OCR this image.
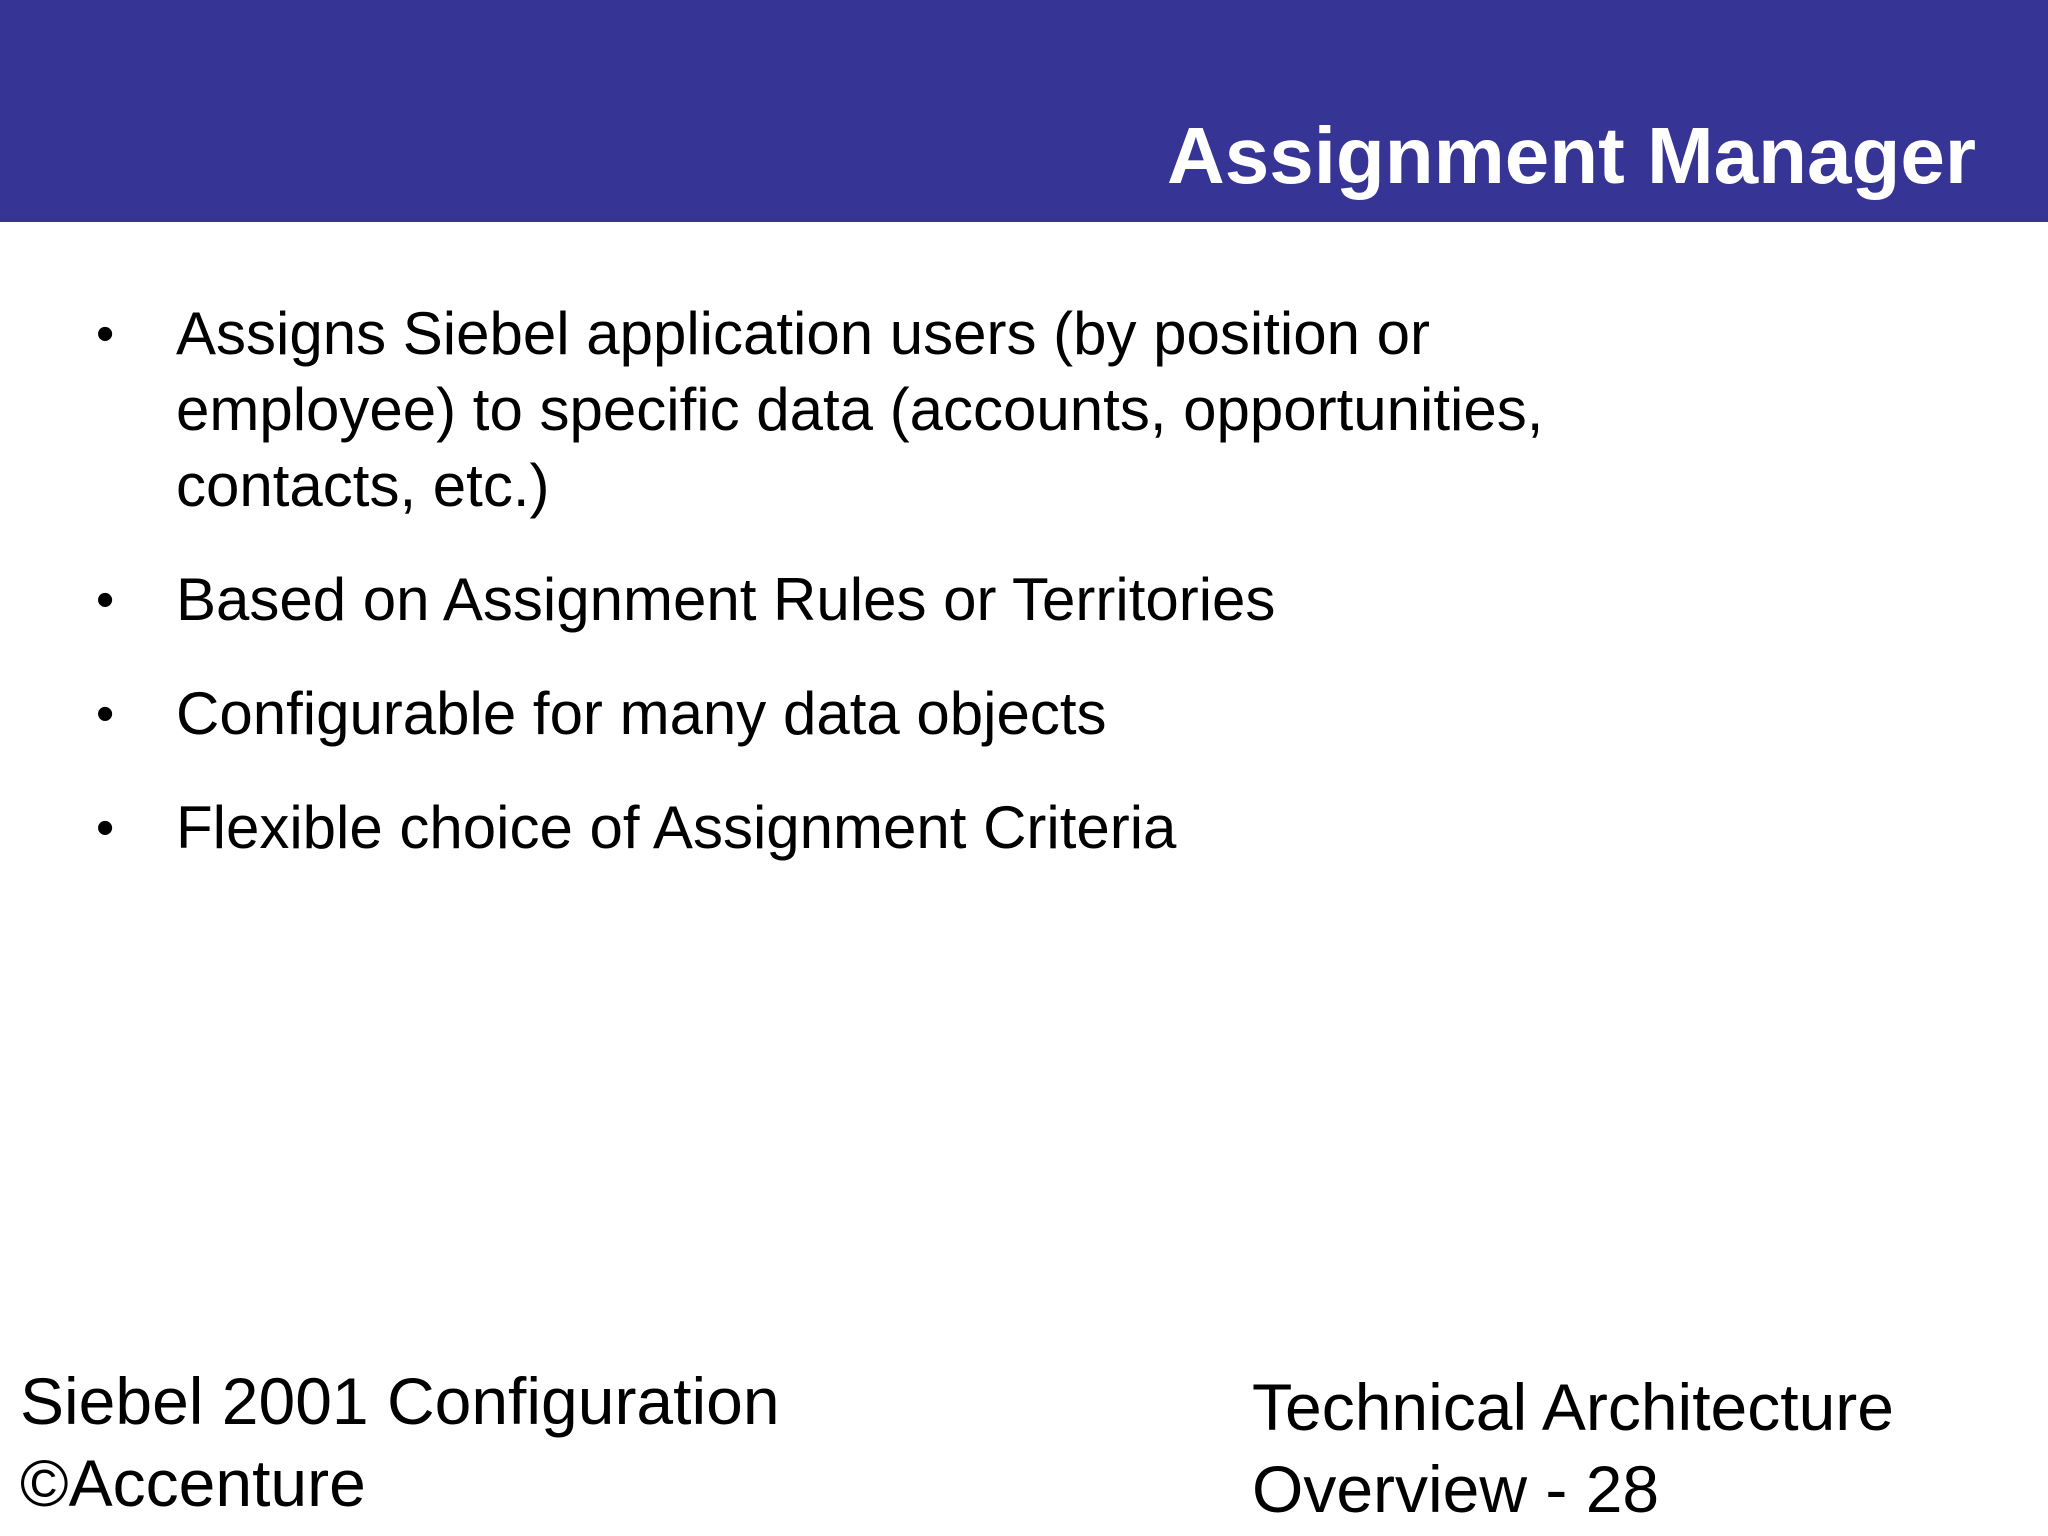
Assignment Manager
• Assigns Siebel application users (by position or employee) to specific data (accounts, opportunities, contacts, etc.)
• Based on Assignment Rules or Territories
• Configurable for many data objects
• Flexible choice of Assignment Criteria
Siebel 2001 Configuration
©Accenture
Technical Architecture
Overview - 28
